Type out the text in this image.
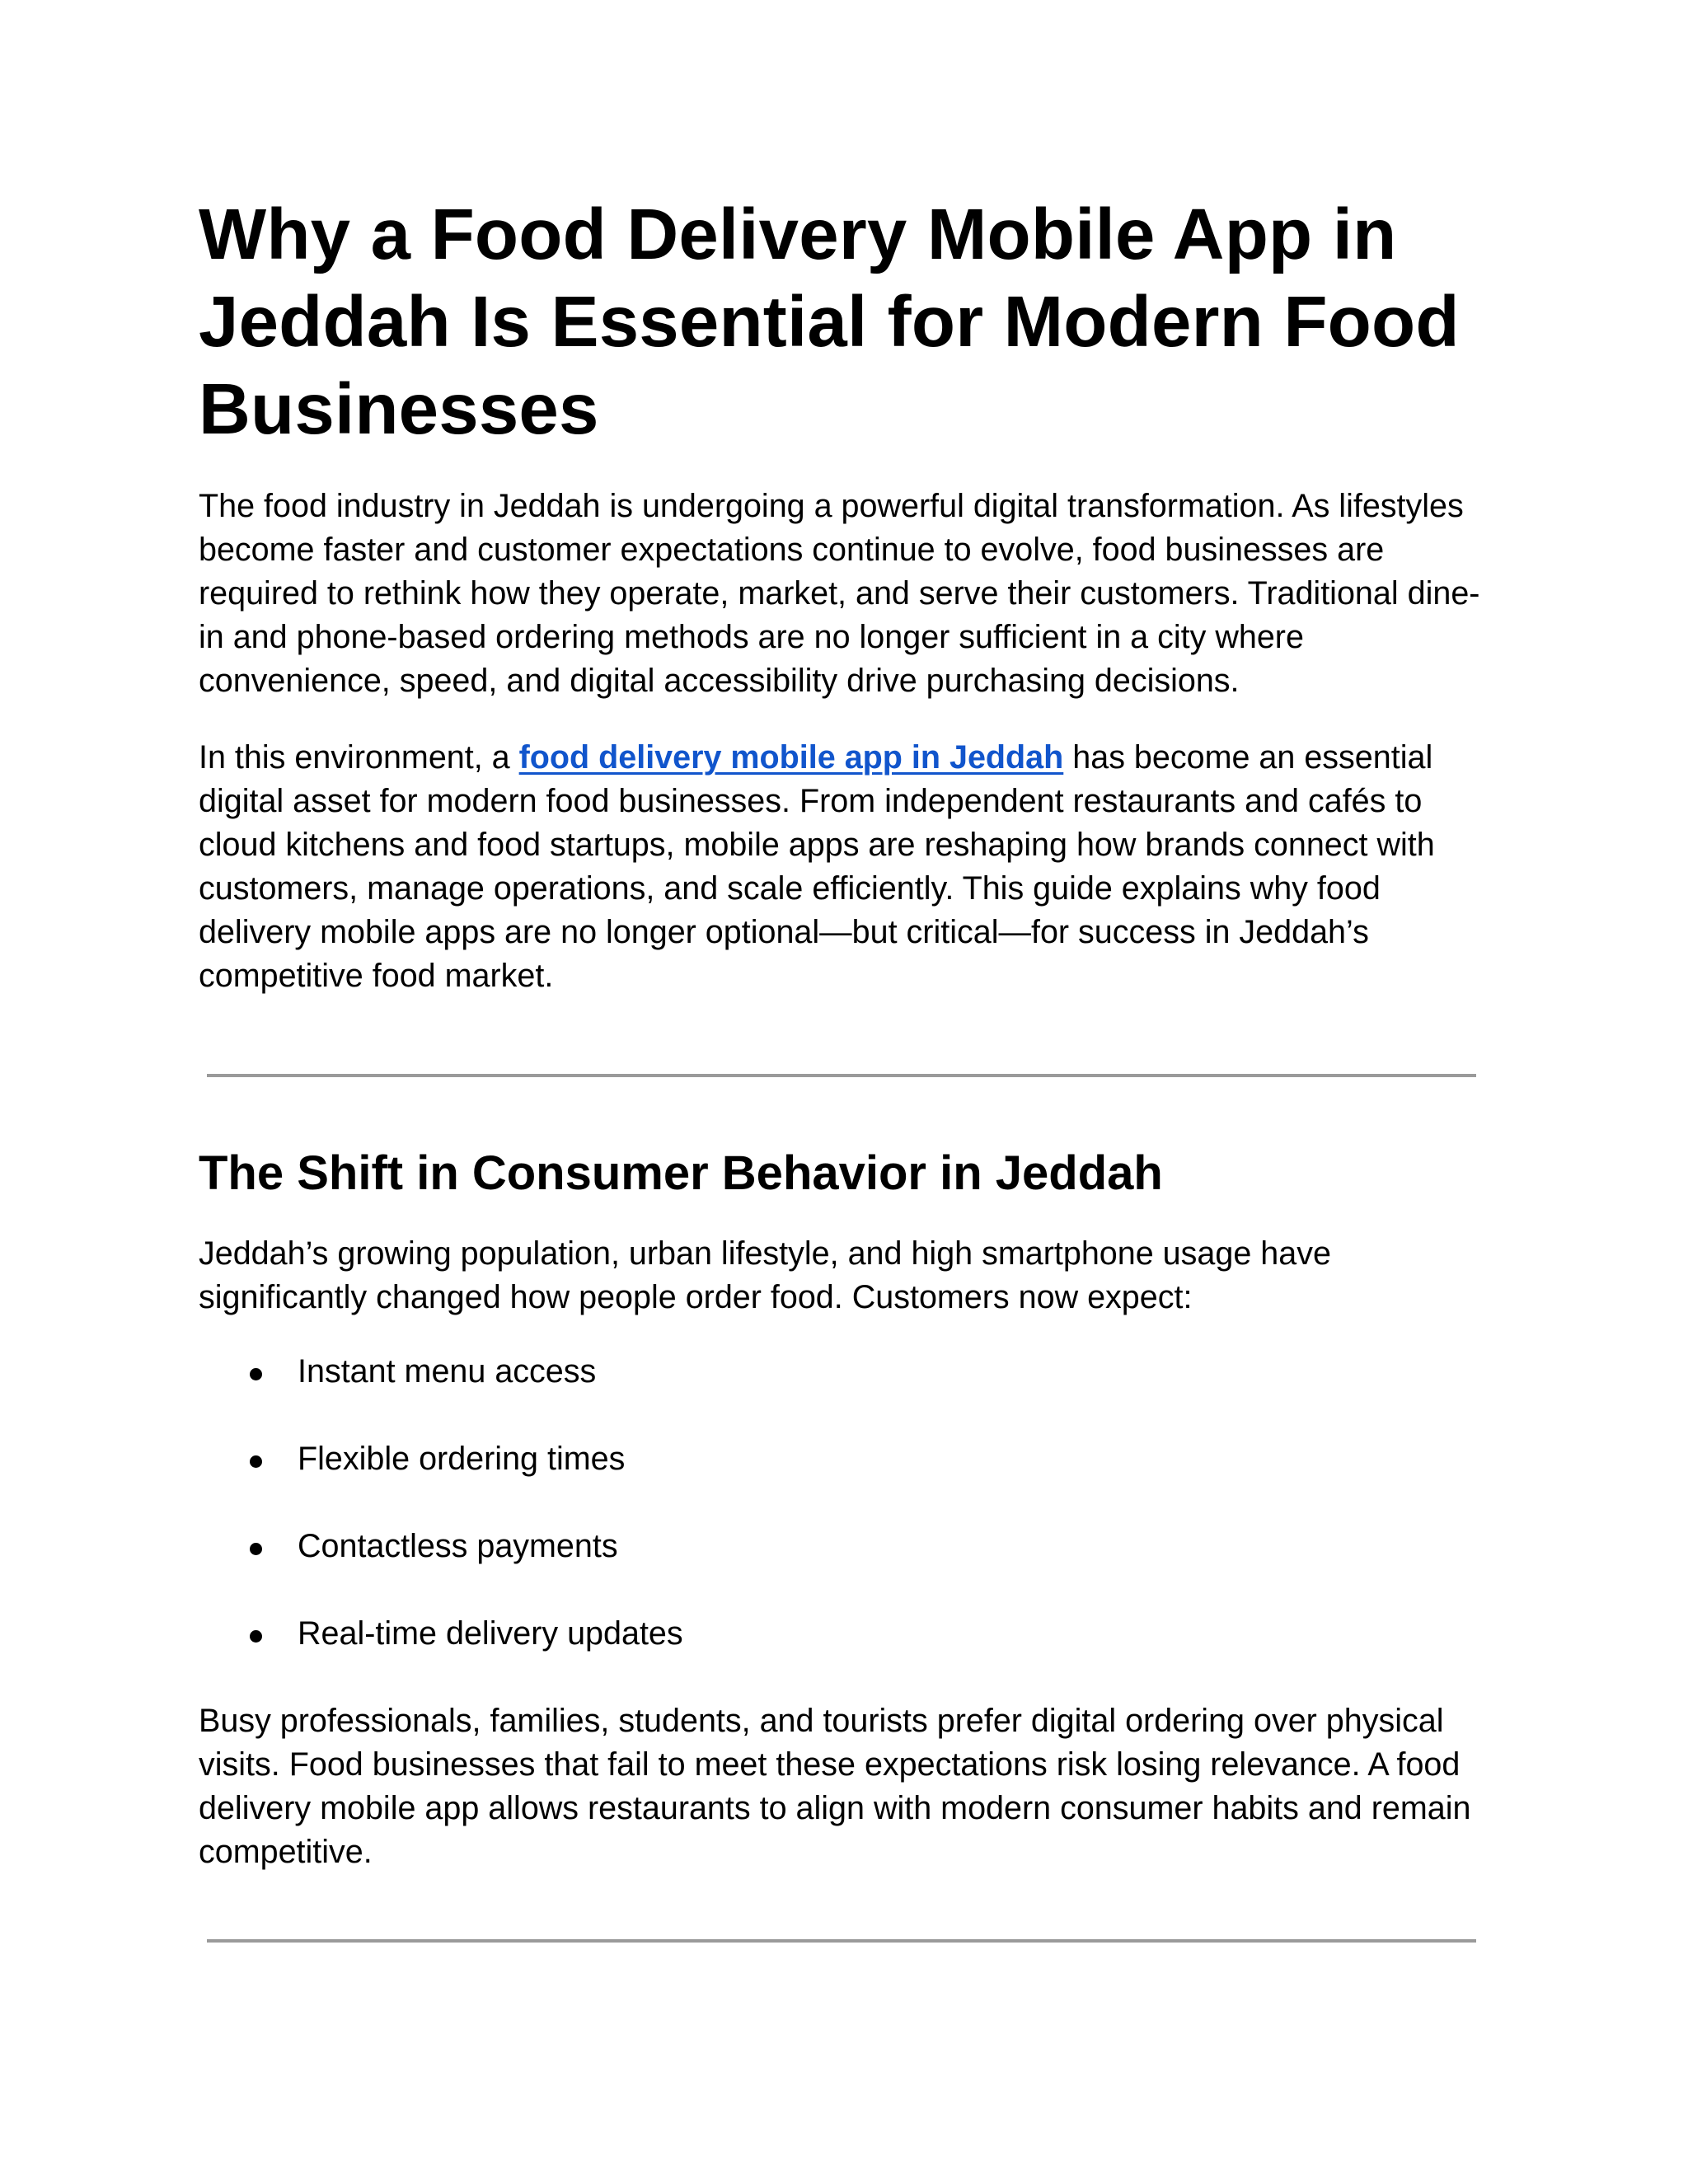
Why a Food Delivery Mobile App in Jeddah Is Essential for Modern Food Businesses

The food industry in Jeddah is undergoing a powerful digital transformation. As lifestyles become faster and customer expectations continue to evolve, food businesses are required to rethink how they operate, market, and serve their customers. Traditional dine-in and phone-based ordering methods are no longer sufficient in a city where convenience, speed, and digital accessibility drive purchasing decisions.

In this environment, a food delivery mobile app in Jeddah has become an essential digital asset for modern food businesses. From independent restaurants and cafés to cloud kitchens and food startups, mobile apps are reshaping how brands connect with customers, manage operations, and scale efficiently. This guide explains why food delivery mobile apps are no longer optional—but critical—for success in Jeddah’s competitive food market.

The Shift in Consumer Behavior in Jeddah

Jeddah’s growing population, urban lifestyle, and high smartphone usage have significantly changed how people order food. Customers now expect:

Instant menu access
Flexible ordering times
Contactless payments
Real-time delivery updates

Busy professionals, families, students, and tourists prefer digital ordering over physical visits. Food businesses that fail to meet these expectations risk losing relevance. A food delivery mobile app allows restaurants to align with modern consumer habits and remain competitive.
